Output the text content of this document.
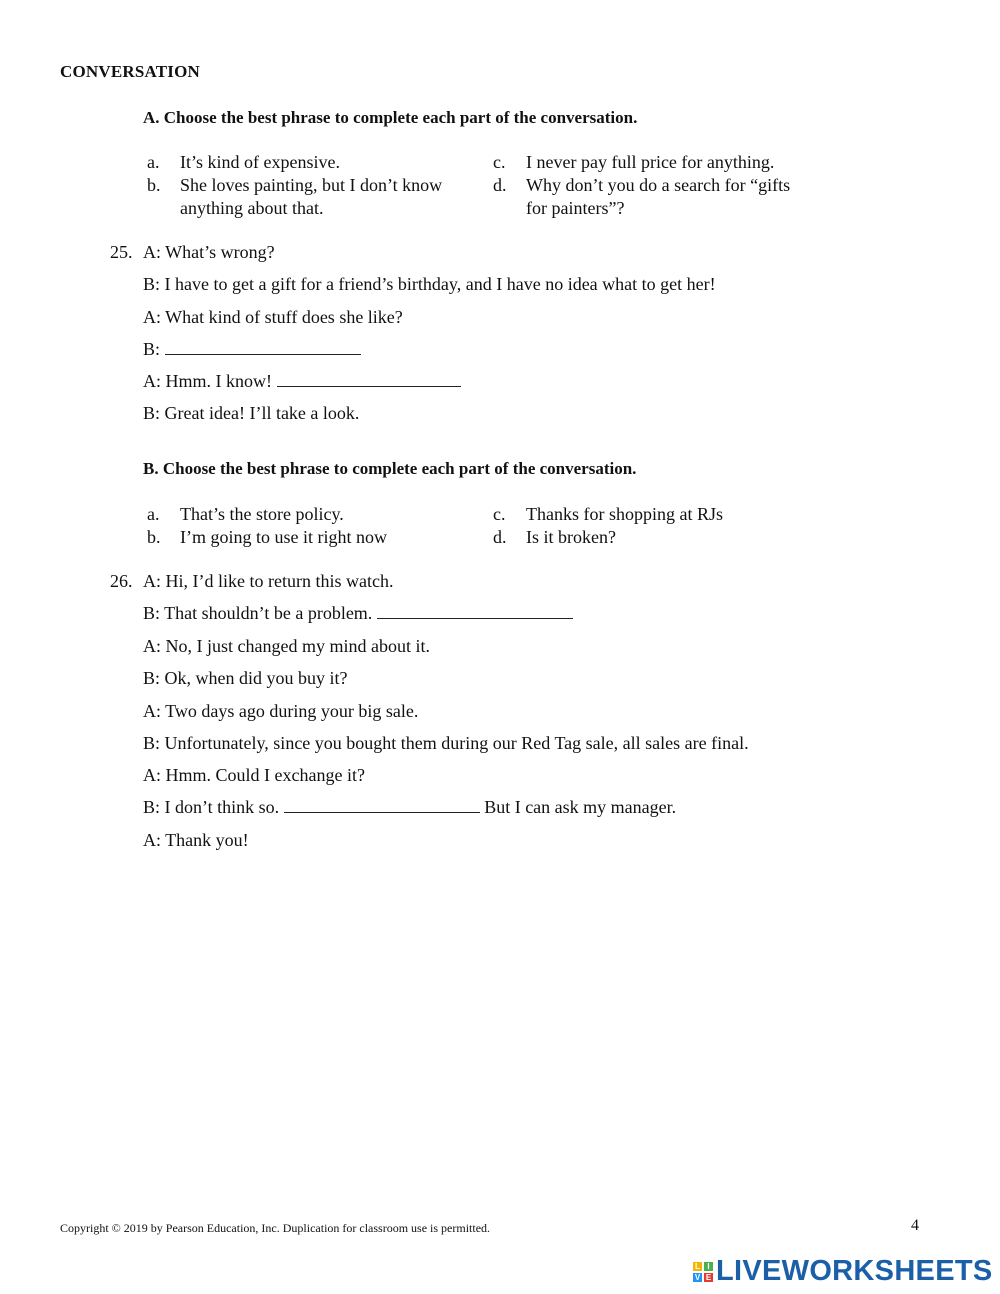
CONVERSATION
A. Choose the best phrase to complete each part of the conversation.
a. It’s kind of expensive.
b. She loves painting, but I don’t know
anything about that.
c. I never pay full price for anything.
d. Why don’t you do a search for “gifts
for painters”?
25. A: What’s wrong?
B: I have to get a gift for a friend’s birthday, and I have no idea what to get her!
A: What kind of stuff does she like?
B:
A: Hmm. I know!
B: Great idea! I’ll take a look.
B. Choose the best phrase to complete each part of the conversation.
a. That’s the store policy.
b. I’m going to use it right now
c. Thanks for shopping at RJs
d. Is it broken?
26. A: Hi, I’d like to return this watch.
B: That shouldn’t be a problem.
A: No, I just changed my mind about it.
B: Ok, when did you buy it?
A: Two days ago during your big sale.
B: Unfortunately, since you bought them during our Red Tag sale, all sales are final.
A: Hmm. Could I exchange it?
B: I don’t think so.	But I can ask my manager.
A: Thank you!
Copyright © 2019 by Pearson Education, Inc. Duplication for classroom use is permitted.	4
L I
V E LIVEWORKSHEETS
